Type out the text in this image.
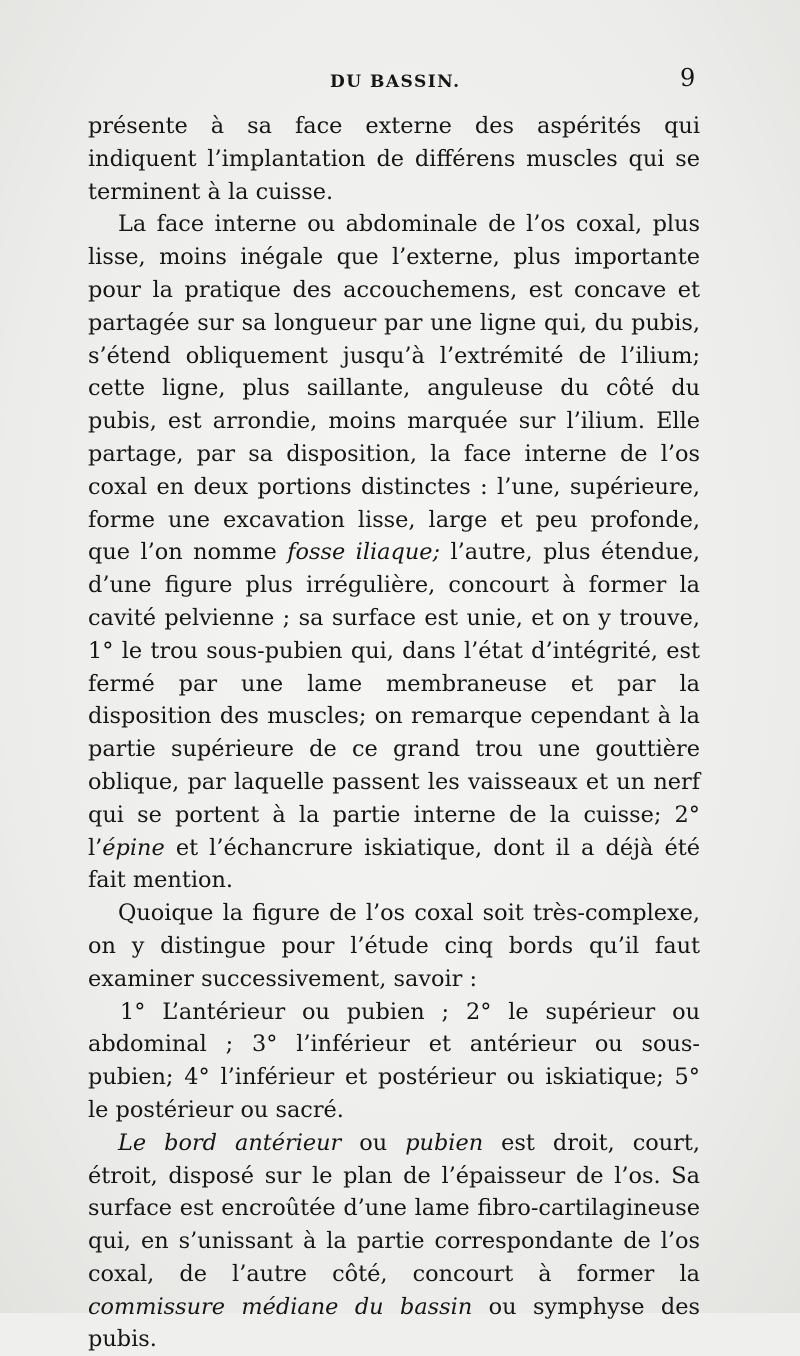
DU BASSIN.	9

présente à sa face externe des aspérités qui indiquent l’implantation de différens muscles qui se terminent à la cuisse.

La face interne ou abdominale de l’os coxal, plus lisse, moins inégale que l’externe, plus importante pour la pratique des accouchemens, est concave et partagée sur sa longueur par une ligne qui, du pubis, s’étend obliquement jusqu’à l’extrémité de l’ilium; cette ligne, plus saillante, anguleuse du côté du pubis, est arrondie, moins marquée sur l’ilium. Elle partage, par sa disposition, la face interne de l’os coxal en deux portions distinctes : l’une, supérieure, forme une excavation lisse, large et peu profonde, que l’on nomme fosse iliaque; l’autre, plus étendue, d’une figure plus irrégulière, concourt à former la cavité pelvienne ; sa surface est unie, et on y trouve, 1° le trou sous-pubien qui, dans l’état d’intégrité, est fermé par une lame membraneuse et par la disposition des muscles; on remarque cependant à la partie supérieure de ce grand trou une gouttière oblique, par laquelle passent les vaisseaux et un nerf qui se portent à la partie interne de la cuisse; 2° l’épine et l’échancrure iskiatique, dont il a déjà été fait mention.

Quoique la figure de l’os coxal soit très-complexe, on y distingue pour l’étude cinq bords qu’il faut examiner successivement, savoir :

1° L’antérieur ou pubien ; 2° le supérieur ou abdominal ; 3° l’inférieur et antérieur ou sous-pubien; 4° l’inférieur et postérieur ou iskiatique; 5° le postérieur ou sacré.

Le bord antérieur ou pubien est droit, court, étroit, disposé sur le plan de l’épaisseur de l’os. Sa surface est encroûtée d’une lame fibro-cartilagineuse qui, en s’unissant à la partie correspondante de l’os coxal, de l’autre côté, concourt à former la commissure médiane du bassin ou symphyse des pubis.
